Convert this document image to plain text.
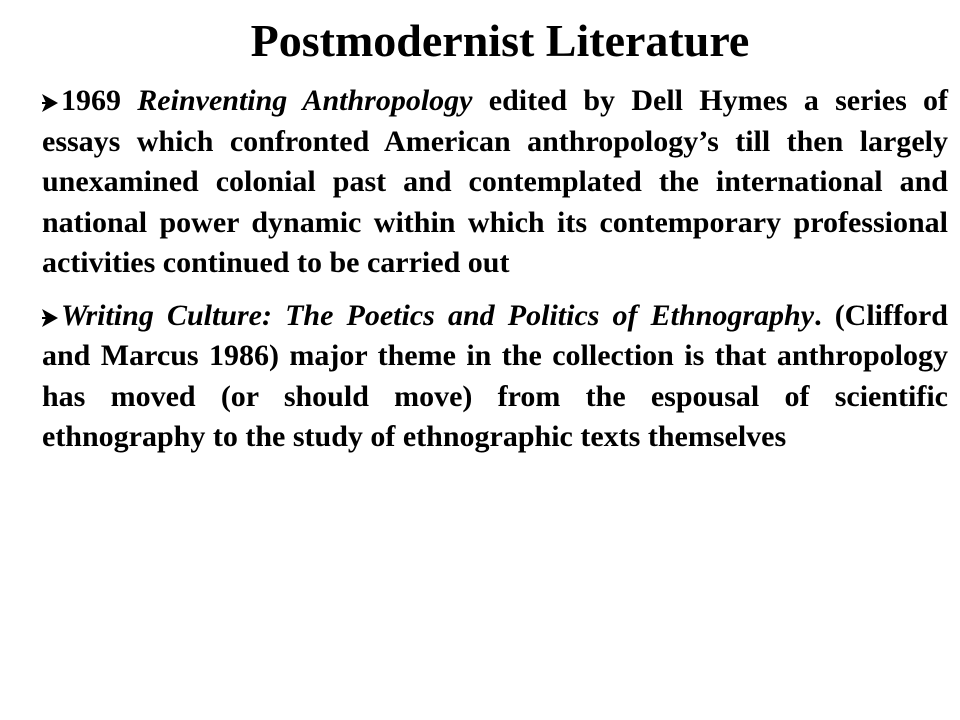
Postmodernist Literature
1969 Reinventing Anthropology edited by Dell Hymes a series of essays which confronted American anthropology’s till then largely unexamined colonial past and contemplated the international and national power dynamic within which its contemporary professional activities continued to be carried out
Writing Culture: The Poetics and Politics of Ethnography. (Clifford and Marcus 1986) major theme in the collection is that anthropology has moved (or should move) from the espousal of scientific ethnography to the study of ethnographic texts themselves
